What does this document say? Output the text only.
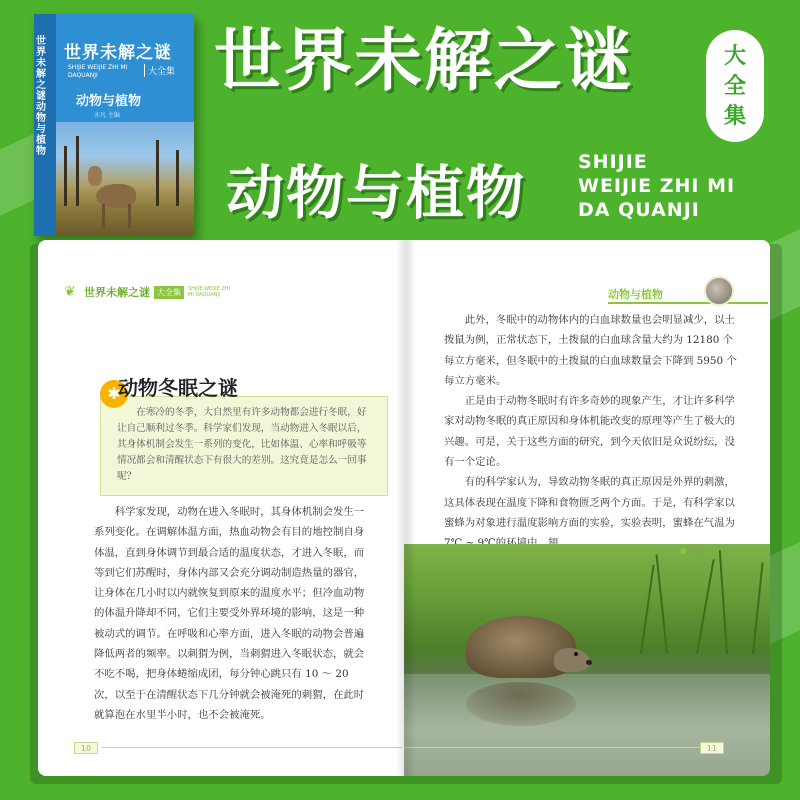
世界未解之谜 动物与植物
世界未解之谜
SHIJIE WEIJIE ZHI MI DAQUANJI	大全集
动物与植物
亦凡 主编
世界未解之谜	大全集
动物与植物	SHIJIE
WEIJIE ZHI MI
DA QUANJI
❦ 世界未解之谜 大全集	SHIJIE WEIJIE ZHI MI DAQUANJI

在寒冷的冬季，大自然里有许多动物都会进行冬眠，好让自己顺利过冬季。科学家们发现，当动物进入冬眠以后，其身体机制会发生一系列的变化，比如体温、心率和呼吸等情况都会和清醒状态下有很大的差别。这究竟是怎么一回事呢？

✱
动物冬眠之谜

科学家发现，动物在进入冬眠时，其身体机制会发生一系列变化。在调解体温方面，热血动物会有目的地控制自身体温，直到身体调节到最合适的温度状态，才进入冬眠，而等到它们苏醒时，身体内部又会充分调动制造热量的器官，让身体在几小时以内就恢复到原来的温度水平；但冷血动物的体温升降却不同，它们主要受外界环境的影响，这是一种被动式的调节。在呼吸和心率方面，进入冬眠的动物会普遍降低两者的频率。以刺猬为例，当刺猬进入冬眠状态，就会不吃不喝，把身体蜷缩成团，每分钟心跳只有 10 ～ 20次，以至于在清醒状态下几分钟就会被淹死的刺猬，在此时就算泡在水里半小时，也不会被淹死。

10
动物与植物

此外，冬眠中的动物体内的白血球数量也会明显减少，以土拨鼠为例，正常状态下，土拨鼠的白血球含量大约为 12180 个每立方毫米，但冬眠中的土拨鼠的白血球数量会下降到 5950 个每立方毫米。

正是由于动物冬眠时有许多奇妙的现象产生，才让许多科学家对动物冬眠的真正原因和身体机能改变的原理等产生了极大的兴趣。可是，关于这些方面的研究，到今天依旧是众说纷纭，没有一个定论。

有的科学家认为，导致动物冬眠的真正原因是外界的刺激，这具体表现在温度下降和食物匮乏两个方面。于是，有科学家以蜜蜂为对象进行温度影响方面的实验，实验表明，蜜蜂在气温为

刺猬
11
